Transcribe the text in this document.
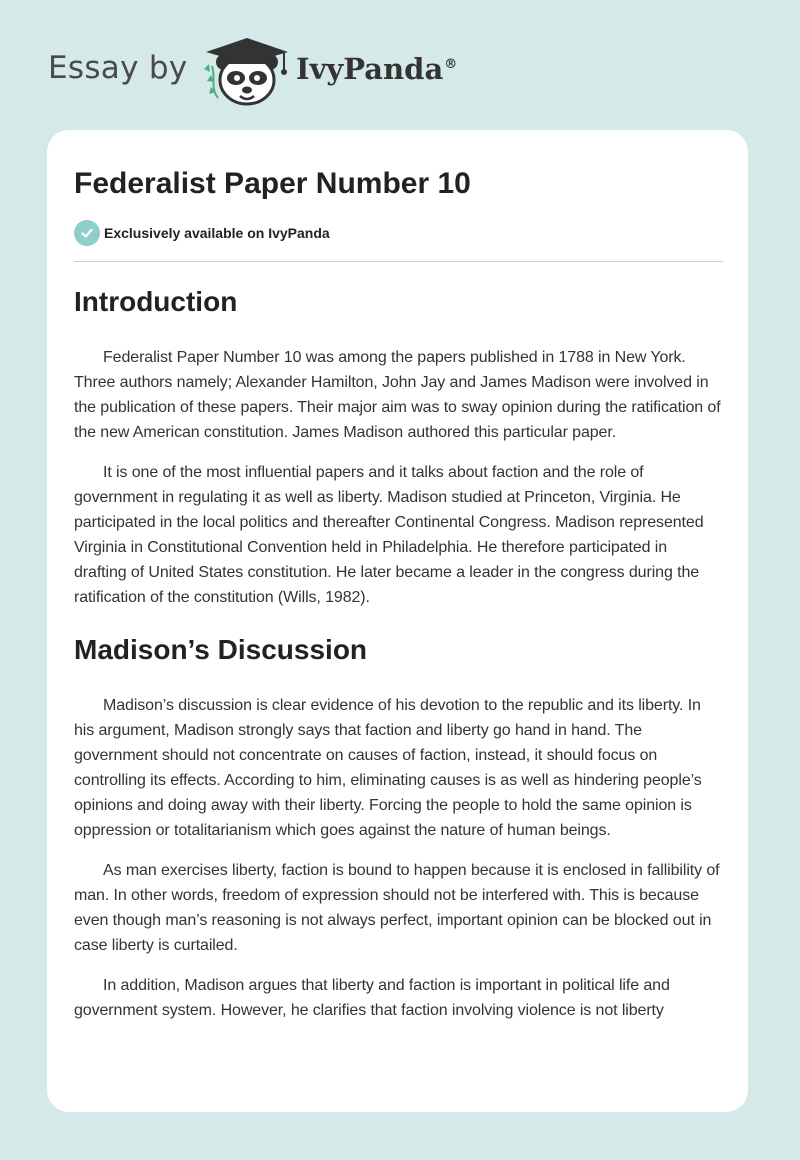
Essay by	IvyPanda®
Federalist Paper Number 10
Exclusively available on IvyPanda
Introduction

Federalist Paper Number 10 was among the papers published in 1788 in New York. Three authors namely; Alexander Hamilton, John Jay and James Madison were involved in the publication of these papers. Their major aim was to sway opinion during the ratification of the new American constitution. James Madison authored this particular paper.

It is one of the most influential papers and it talks about faction and the role of government in regulating it as well as liberty. Madison studied at Princeton, Virginia. He participated in the local politics and thereafter Continental Congress. Madison represented Virginia in Constitutional Convention held in Philadelphia. He therefore participated in drafting of United States constitution. He later became a leader in the congress during the ratification of the constitution (Wills, 1982).

Madison’s Discussion

Madison’s discussion is clear evidence of his devotion to the republic and its liberty. In his argument, Madison strongly says that faction and liberty go hand in hand. The government should not concentrate on causes of faction, instead, it should focus on controlling its effects. According to him, eliminating causes is as well as hindering people’s opinions and doing away with their liberty. Forcing the people to hold the same opinion is oppression or totalitarianism which goes against the nature of human beings.

As man exercises liberty, faction is bound to happen because it is enclosed in fallibility of man. In other words, freedom of expression should not be interfered with. This is because even though man’s reasoning is not always perfect, important opinion can be blocked out in case liberty is curtailed.

In addition, Madison argues that liberty and faction is important in political life and government system. However, he clarifies that faction involving violence is not liberty
